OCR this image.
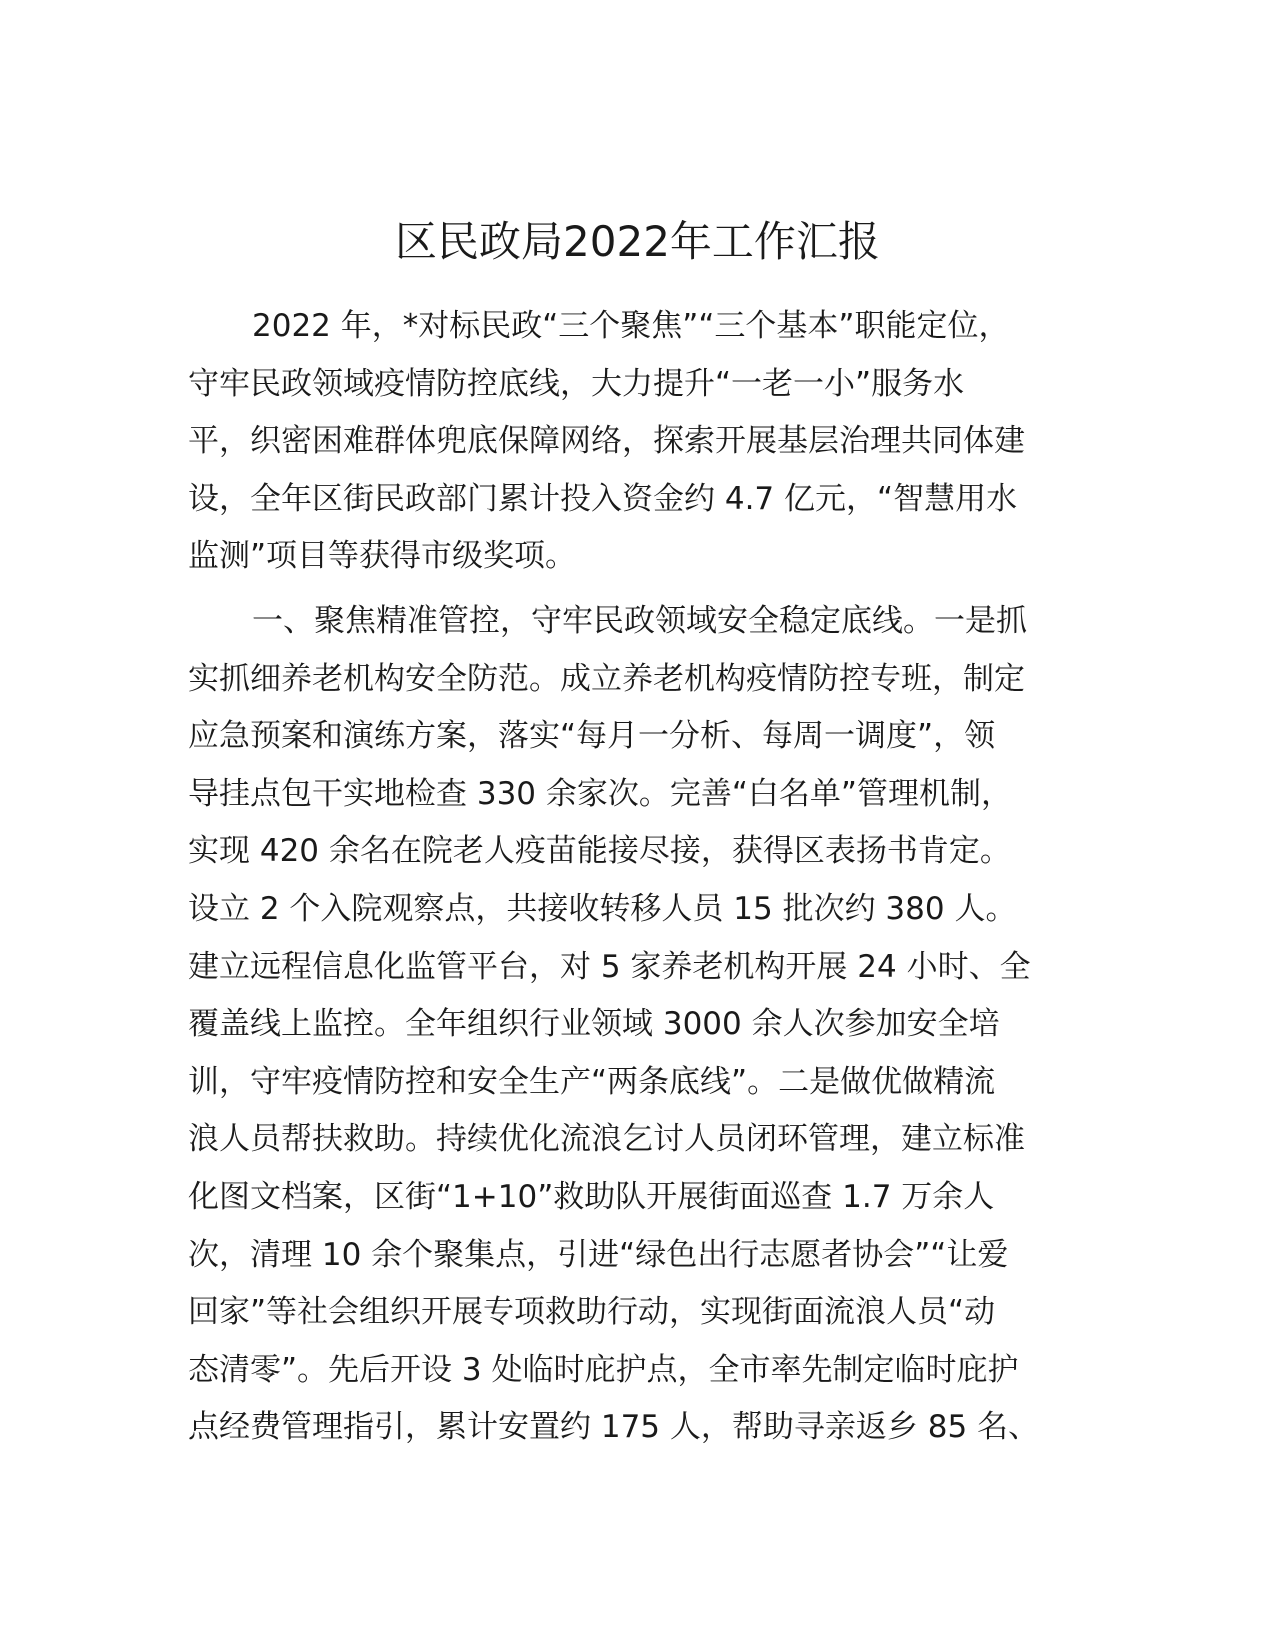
区民政局2022年工作汇报
2022 年，*对标民政“三个聚焦”“三个基本”职能定位，
守牢民政领域疫情防控底线，大力提升“一老一小”服务水
平，织密困难群体兜底保障网络，探索开展基层治理共同体建
设，全年区街民政部门累计投入资金约 4.7 亿元，“智慧用水
监测”项目等获得市级奖项。
一、聚焦精准管控，守牢民政领域安全稳定底线。一是抓
实抓细养老机构安全防范。成立养老机构疫情防控专班，制定
应急预案和演练方案，落实“每月一分析、每周一调度”，领
导挂点包干实地检查 330 余家次。完善“白名单”管理机制，
实现 420 余名在院老人疫苗能接尽接，获得区表扬书肯定。
设立 2 个入院观察点，共接收转移人员 15 批次约 380 人。
建立远程信息化监管平台，对 5 家养老机构开展 24 小时、全
覆盖线上监控。全年组织行业领域 3000 余人次参加安全培
训，守牢疫情防控和安全生产“两条底线”。二是做优做精流
浪人员帮扶救助。持续优化流浪乞讨人员闭环管理，建立标准
化图文档案，区街“1+10”救助队开展街面巡查 1.7 万余人
次，清理 10 余个聚集点，引进“绿色出行志愿者协会”“让爱
回家”等社会组织开展专项救助行动，实现街面流浪人员“动
态清零”。先后开设 3 处临时庇护点，全市率先制定临时庇护
点经费管理指引，累计安置约 175 人，帮助寻亲返乡 85 名、
